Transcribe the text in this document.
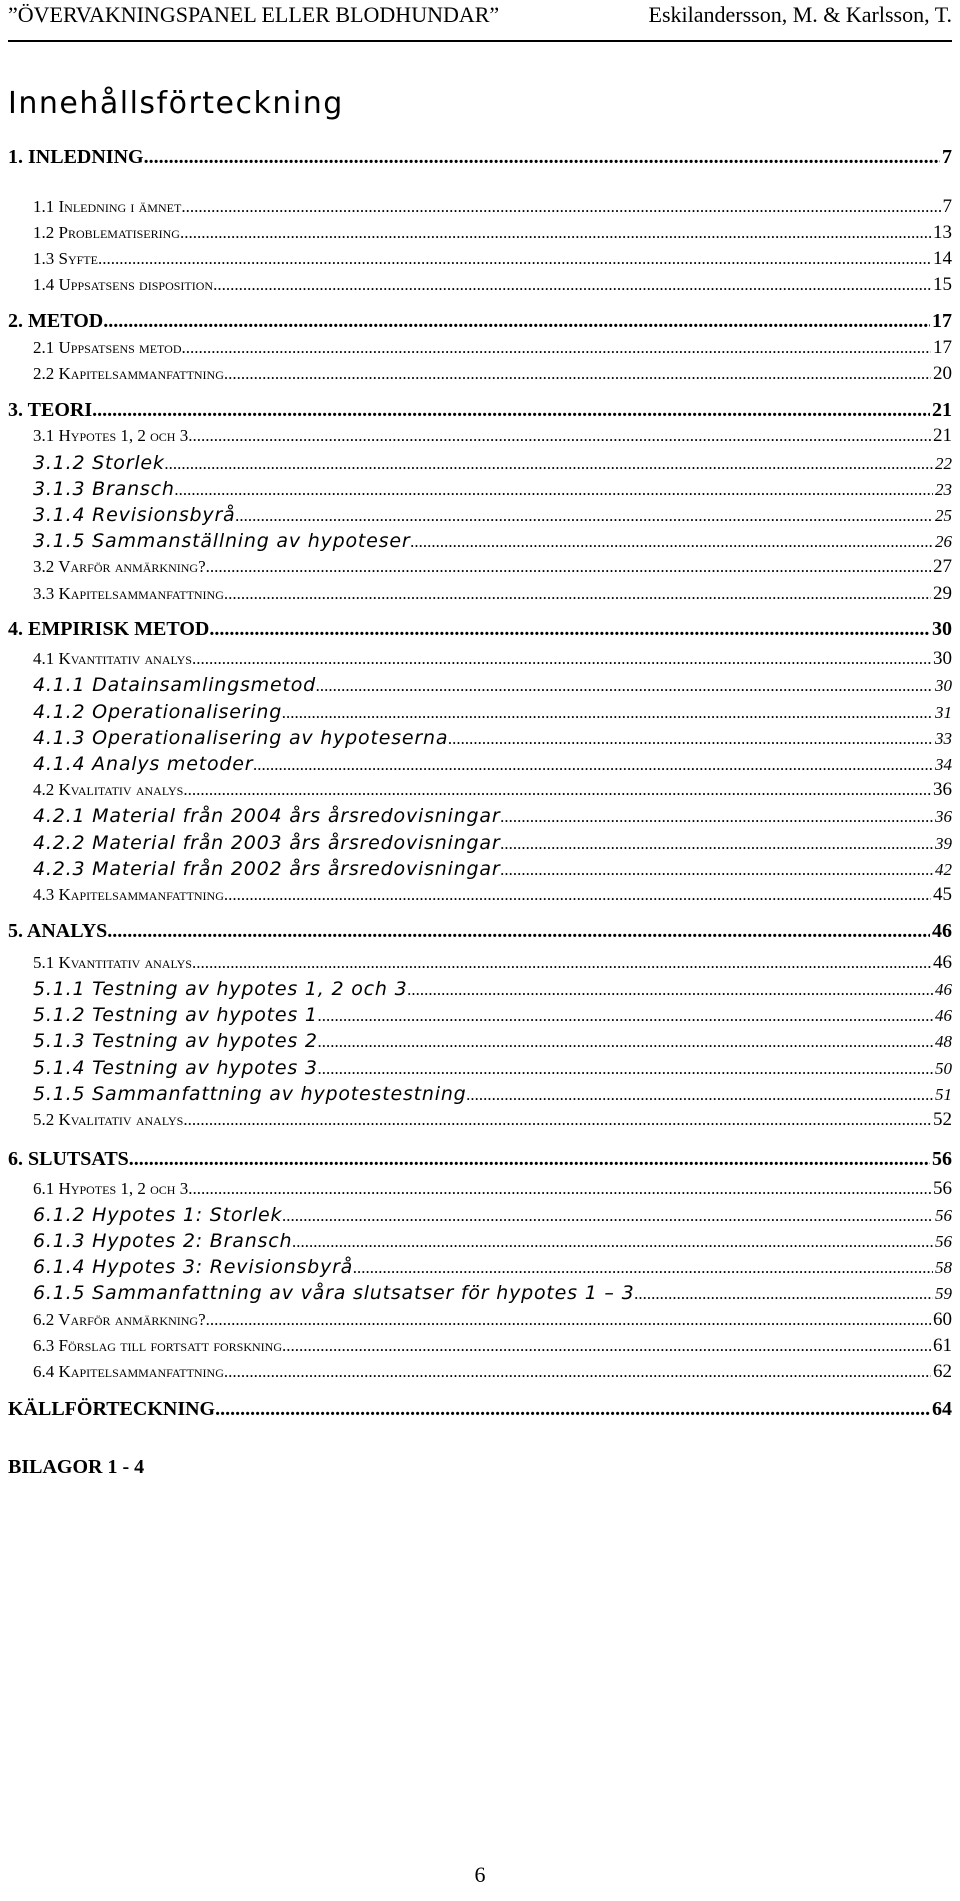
”ÖVERVAKNINGSPANEL ELLER BLODHUNDAR”	Eskilandersson, M. & Karlsson, T.
Innehållsförteckning
1. INLEDNING .....	7
1.1 Inledning i ämnet .....	7
1.2 Problematisering .....	13
1.3 Syfte .....	14
1.4 Uppsatsens disposition .....	15
2. METOD .....	17
2.1 Uppsatsens metod .....	17
2.2 Kapitelsammanfattning .....	20
3. TEORI .....	21
3.1 Hypotes 1, 2 och 3 .....	21
3.1.2 Storlek .....	22
3.1.3 Bransch .....	23
3.1.4 Revisionsbyrå .....	25
3.1.5 Sammanställning av hypoteser .....	26
3.2 Varför anmärkning? .....	27
3.3 Kapitelsammanfattning .....	29
4. EMPIRISK METOD .....	30
4.1 Kvantitativ analys .....	30
4.1.1 Datainsamlingsmetod .....	30
4.1.2 Operationalisering .....	31
4.1.3 Operationalisering av hypoteserna .....	33
4.1.4 Analys metoder .....	34
4.2 Kvalitativ analys .....	36
4.2.1 Material från 2004 års årsredovisningar .....	36
4.2.2 Material från 2003 års årsredovisningar .....	39
4.2.3 Material från 2002 års årsredovisningar .....	42
4.3 Kapitelsammanfattning .....	45
5. ANALYS .....	46
5.1 Kvantitativ analys .....	46
5.1.1 Testning av hypotes 1, 2 och 3 .....	46
5.1.2 Testning av hypotes 1 .....	46
5.1.3 Testning av hypotes 2 .....	48
5.1.4 Testning av hypotes 3 .....	50
5.1.5 Sammanfattning av hypotestestning .....	51
5.2 Kvalitativ analys .....	52
6. SLUTSATS .....	56
6.1 Hypotes 1, 2 och 3 .....	56
6.1.2 Hypotes 1: Storlek .....	56
6.1.3 Hypotes 2: Bransch .....	56
6.1.4 Hypotes 3: Revisionsbyrå .....	58
6.1.5 Sammanfattning av våra slutsatser för hypotes 1 – 3 .....	59
6.2 Varför anmärkning? .....	60
6.3 Förslag till fortsatt forskning .....	61
6.4 Kapitelsammanfattning .....	62
KÄLLFÖRTECKNING .....	64
BILAGOR 1 - 4
6
